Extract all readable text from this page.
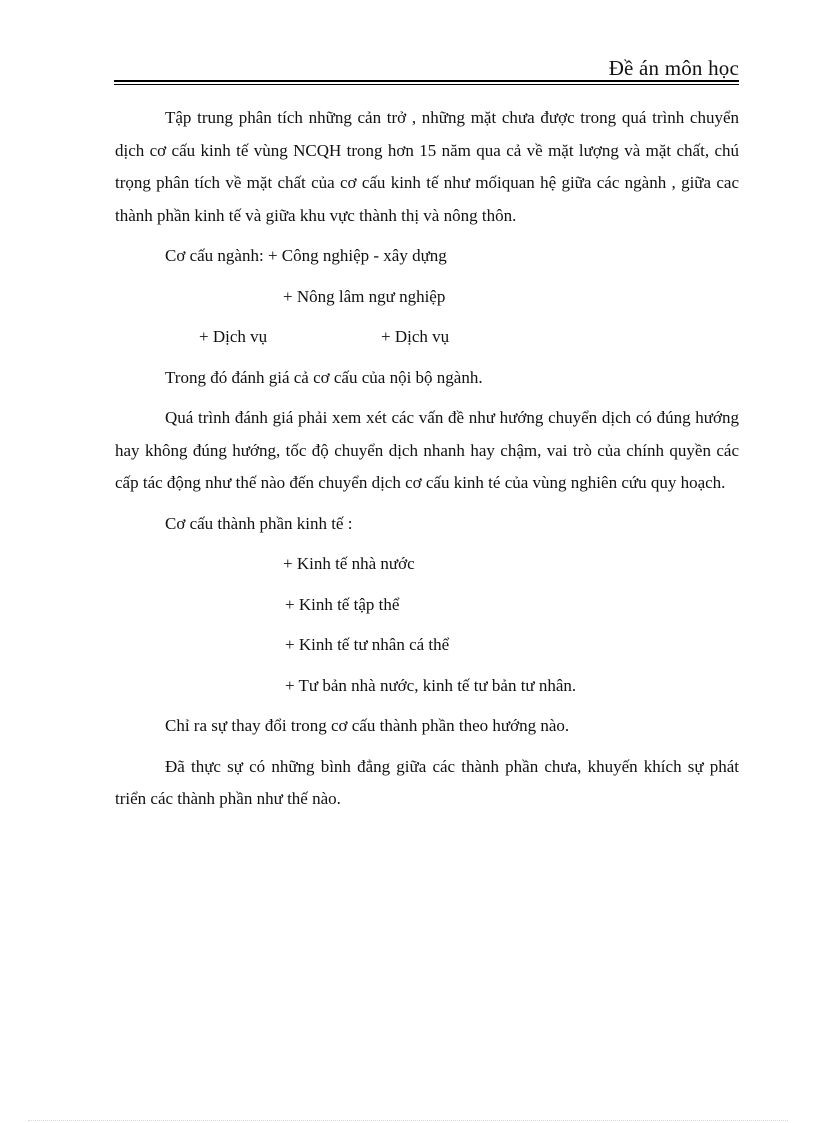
Đề án môn học

Tập trung phân tích những cản trở , những mặt chưa được trong quá trình chuyển dịch cơ cấu kinh tế vùng NCQH trong hơn 15 năm qua cả về mặt lượng và mặt chất, chú trọng phân tích về mặt chất của cơ cấu kinh tế như mốiquan hệ giữa các ngành , giữa cac thành phần kinh tế và giữa khu vực thành thị và nông thôn.

Cơ cấu ngành: + Công nghiệp - xây dựng
+ Nông lâm ngư nghiệp
+ Dịch vụ	+ Dịch vụ
Trong đó đánh giá cả cơ cấu của nội bộ ngành.

Quá trình đánh giá phải xem xét các vấn đề như hướng chuyển dịch có đúng hướng hay không đúng hướng, tốc độ chuyển dịch nhanh hay chậm, vai trò của chính quyền các cấp tác động như thế nào đến chuyển dịch cơ cấu kinh té của vùng nghiên cứu quy hoạch.

Cơ cấu thành phần kinh tế :
+ Kinh tế nhà nước
+ Kinh tế tập thể
+ Kinh tế tư nhân cá thể
+ Tư bản nhà nước, kinh tế tư bản tư nhân.
Chỉ ra sự thay đổi trong cơ cấu thành phần theo hướng nào.

Đã thực sự có những bình đẳng giữa các thành phần chưa, khuyến khích sự phát triển các thành phần như thế nào.
